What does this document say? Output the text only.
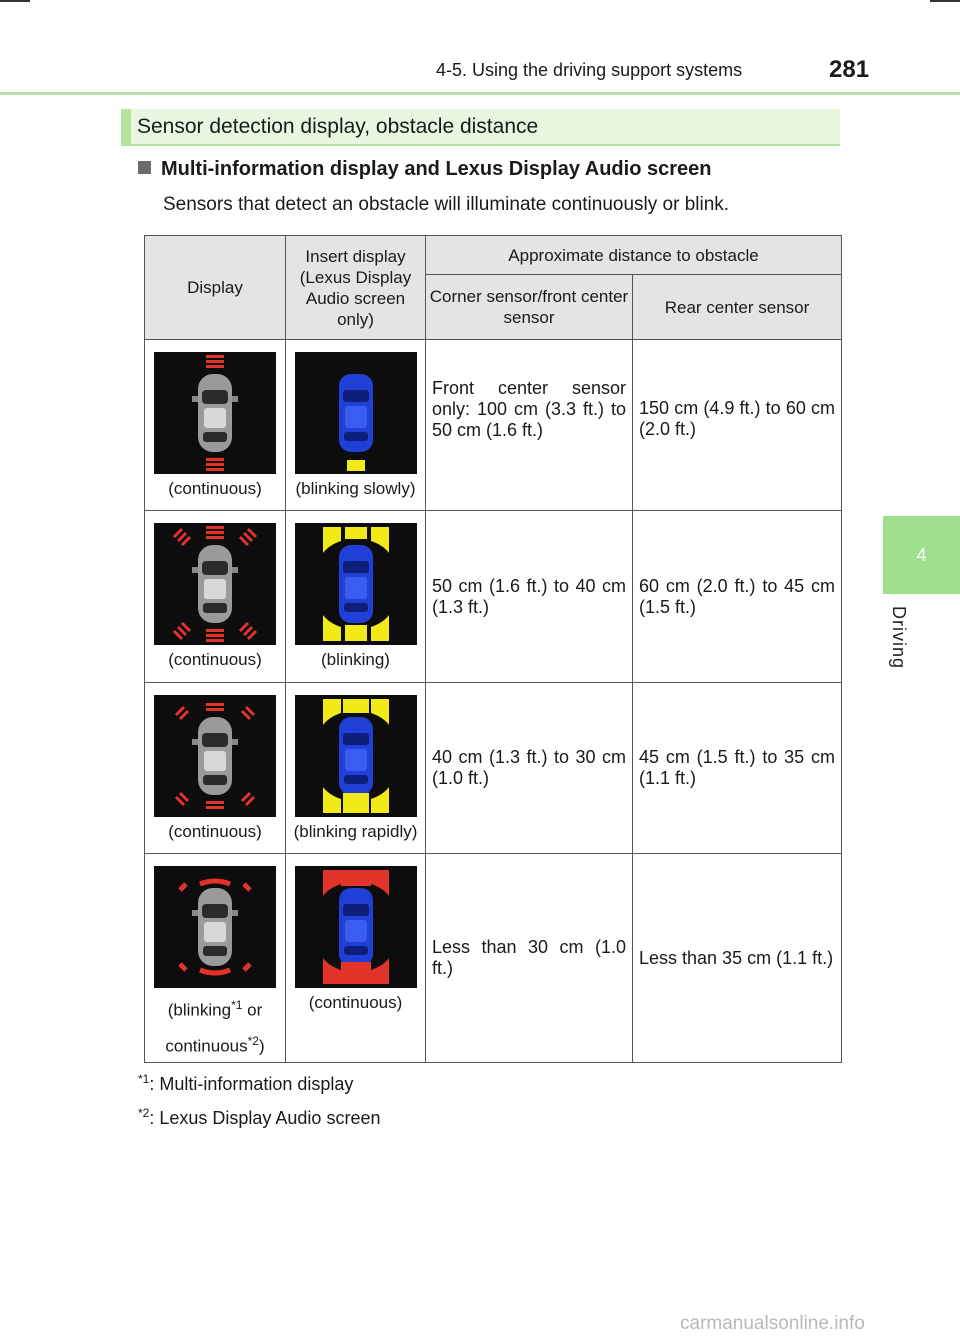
4-5. Using the driving support systems	281
4
Driving
Sensor detection display, obstacle distance
Multi-information display and Lexus Display Audio screen
Sensors that detect an obstacle will illuminate continuously or blink.
Display	Insert display (Lexus Display Audio screen only)	Approximate distance to obstacle	
		Corner sensor/front center sensor	Rear center sensor

(continuous)	(blinking slowly)	Front center sensor only: 100 cm (3.3 ft.) to 50 cm (1.6 ft.)	150 cm (4.9 ft.) to 60 cm (2.0 ft.)

(continuous)	(blinking)	50 cm (1.6 ft.) to 40 cm (1.3 ft.)	60 cm (2.0 ft.) to 45 cm (1.5 ft.)

(continuous)	(blinking rapidly)	40 cm (1.3 ft.) to 30 cm (1.0 ft.)	45 cm (1.5 ft.) to 35 cm (1.1 ft.)

(blinking$^{*1}$ or
continuous$^{*2}$)	(continuous)	Less than 30 cm (1.0 ft.)	Less than 35 cm (1.1 ft.)
$^{*1}$: Multi-information display
$^{*2}$: Lexus Display Audio screen
carmanualsonline.info
